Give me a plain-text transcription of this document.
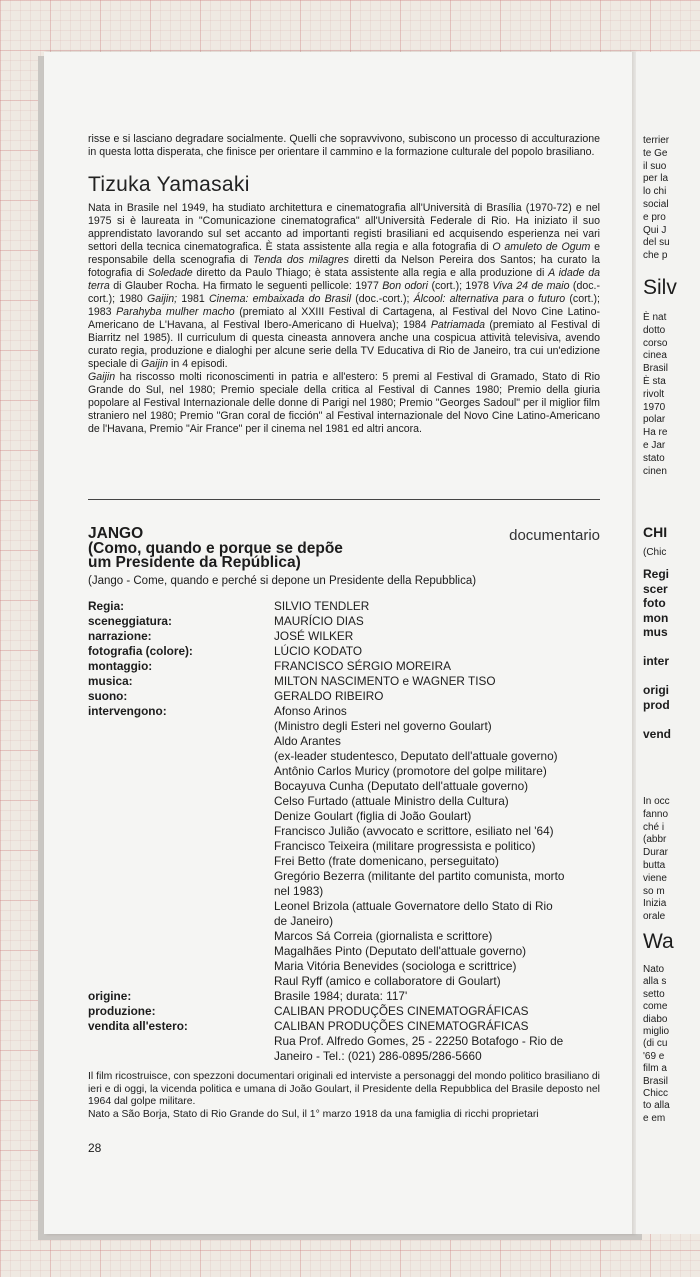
terrier
te Ge
il suo
per la
lo chi
social
e pro
Qui J
del su
che p
Silv
È nat
dotto
corso
cinea
Brasil
È sta
rivolt
1970
polar
Ha re
e Jar
stato
cinen
CHI
(Chic
Regi
scer
foto
mon
mus
inter
origi
prod
vend
In occ
fanno
ché i
(abbr
Durar
butta
viene
so m
Inizia
orale
Wa
Nato
alla s
setto
come
diabo
miglio
(di cu
'69 e
film a
Brasil
Chicc
to alla
e em

risse e si lasciano degradare socialmente. Quelli che sopravvivono, subiscono un processo di acculturazione in questa lotta disperata, che finisce per orientare il cammino e la formazione culturale del popolo brasiliano.

Tizuka Yamasaki

Nata in Brasile nel 1949, ha studiato architettura e cinematografia all'Università di Brasília (1970-72) e nel 1975 si è laureata in "Comunicazione cinematografica" all'Università Federale di Rio. Ha iniziato il suo apprendistato lavorando sul set accanto ad importanti registi brasiliani ed acquisendo esperienza nei vari settori della tecnica cinematografica. È stata assistente alla regia e alla fotografia di O amuleto de Ogum e responsabile della scenografia di Tenda dos milagres diretti da Nelson Pereira dos Santos; ha curato la fotografia di Soledade diretto da Paulo Thiago; è stata assistente alla regia e alla produzione di A idade da terra di Glauber Rocha. Ha firmato le seguenti pellicole: 1977 Bon odori (cort.); 1978 Viva 24 de maio (doc.-cort.); 1980 Gaijin; 1981 Cinema: embaixada do Brasil (doc.-cort.); Álcool: alternativa para o futuro (cort.); 1983 Parahyba mulher macho (premiato al XXIII Festival di Cartagena, al Festival del Novo Cine Latino-Americano de L'Havana, al Festival Ibero-Americano di Huelva); 1984 Patriamada (premiato al Festival di Biarritz nel 1985). Il curriculum di questa cineasta annovera anche una cospicua attività televisiva, avendo curato regia, produzione e dialoghi per alcune serie della TV Educativa di Rio de Janeiro, tra cui un'edizione speciale di Gaijin in 4 episodi.

Gaijin ha riscosso molti riconoscimenti in patria e all'estero: 5 premi al Festival di Gramado, Stato di Rio Grande do Sul, nel 1980; Premio speciale della critica al Festival di Cannes 1980; Premio della giuria popolare al Festival Internazionale delle donne di Parigi nel 1980; Premio "Georges Sadoul" per il miglior film straniero nel 1980; Premio "Gran coral de ficción" al Festival internazionale del Novo Cine Latino-Americano de l'Havana, Premio "Air France" per il cinema nel 1981 ed altri ancora.

JANGO
(Como, quando e porque se depõe
um Presidente da República)

documentario

(Jango - Come, quando e perché si depone un Presidente della Repubblica)

Regia:	SILVIO TENDLER
sceneggiatura:	MAURÍCIO DIAS
narrazione:	JOSÉ WILKER
fotografia (colore):	LÚCIO KODATO
montaggio:	FRANCISCO SÉRGIO MOREIRA
musica:	MILTON NASCIMENTO e WAGNER TISO
suono:	GERALDO RIBEIRO
intervengono:	Afonso Arinos
(Ministro degli Esteri nel governo Goulart)
Aldo Arantes
(ex-leader studentesco, Deputato dell'attuale governo)
Antônio Carlos Muricy (promotore del golpe militare)
Bocayuva Cunha (Deputato dell'attuale governo)
Celso Furtado (attuale Ministro della Cultura)
Denize Goulart (figlia di João Goulart)
Francisco Julião (avvocato e scrittore, esiliato nel '64)
Francisco Teixeira (militare progressista e politico)
Frei Betto (frate domenicano, perseguitato)
Gregório Bezerra (militante del partito comunista, morto
nel 1983)
Leonel Brizola (attuale Governatore dello Stato di Rio
de Janeiro)
Marcos Sá Correia (giornalista e scrittore)
Magalhães Pinto (Deputato dell'attuale governo)
Maria Vitória Benevides (sociologa e scrittrice)
Raul Ryff (amico e collaboratore di Goulart)
origine:	Brasile 1984; durata: 117'
produzione:	CALIBAN PRODUÇÕES CINEMATOGRÁFICAS
vendita all'estero:	CALIBAN PRODUÇÕES CINEMATOGRÁFICAS
Rua Prof. Alfredo Gomes, 25 - 22250 Botafogo - Rio de
Janeiro - Tel.: (021) 286-0895/286-5660

Il film ricostruisce, con spezzoni documentari originali ed interviste a personaggi del mondo politico brasiliano di ieri e di oggi, la vicenda politica e umana di João Goulart, il Presidente della Repubblica del Brasile deposto nel 1964 dal golpe militare.

Nato a São Borja, Stato di Rio Grande do Sul, il 1° marzo 1918 da una famiglia di ricchi proprietari

28
